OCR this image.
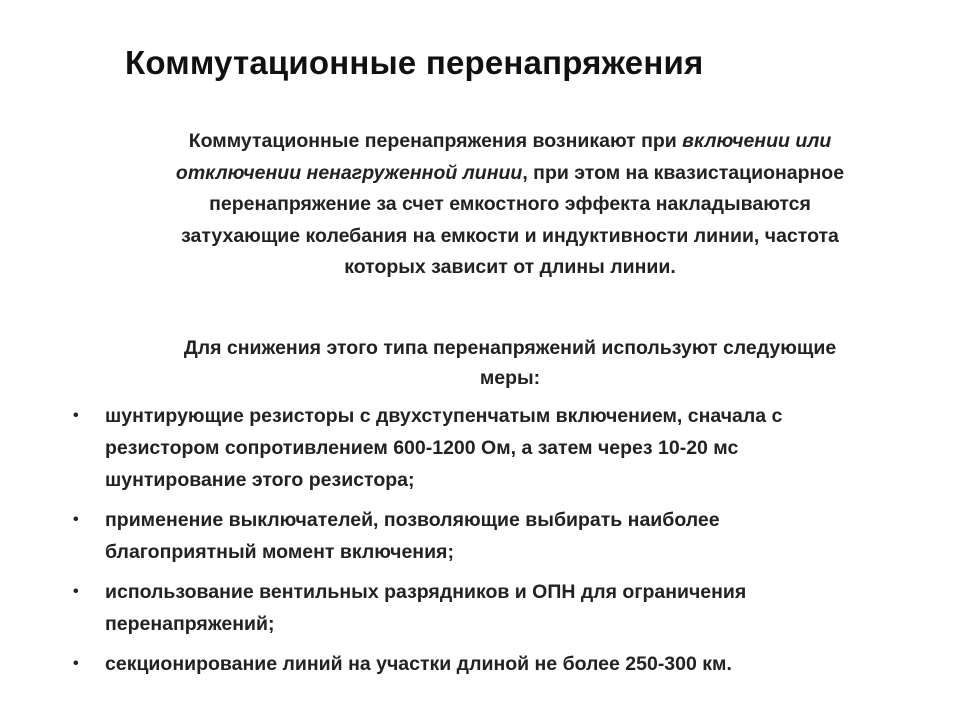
Коммутационные перенапряжения
Коммутационные перенапряжения возникают при включении или
отключении ненагруженной линии, при этом на квазистационарное
перенапряжение за счет емкостного эффекта накладываются
затухающие колебания на емкости и индуктивности линии, частота
которых зависит от длины линии.
Для снижения этого типа перенапряжений используют следующие
меры:
• шунтирующие резисторы с двухступенчатым включением, сначала с
резистором сопротивлением 600-1200 Ом, а затем через 10-20 мс
шунтирование этого резистора;
• применение выключателей, позволяющие выбирать наиболее
благоприятный момент включения;
• использование вентильных разрядников и ОПН для ограничения
перенапряжений;
• секционирование линий на участки длиной не более 250-300 км.
